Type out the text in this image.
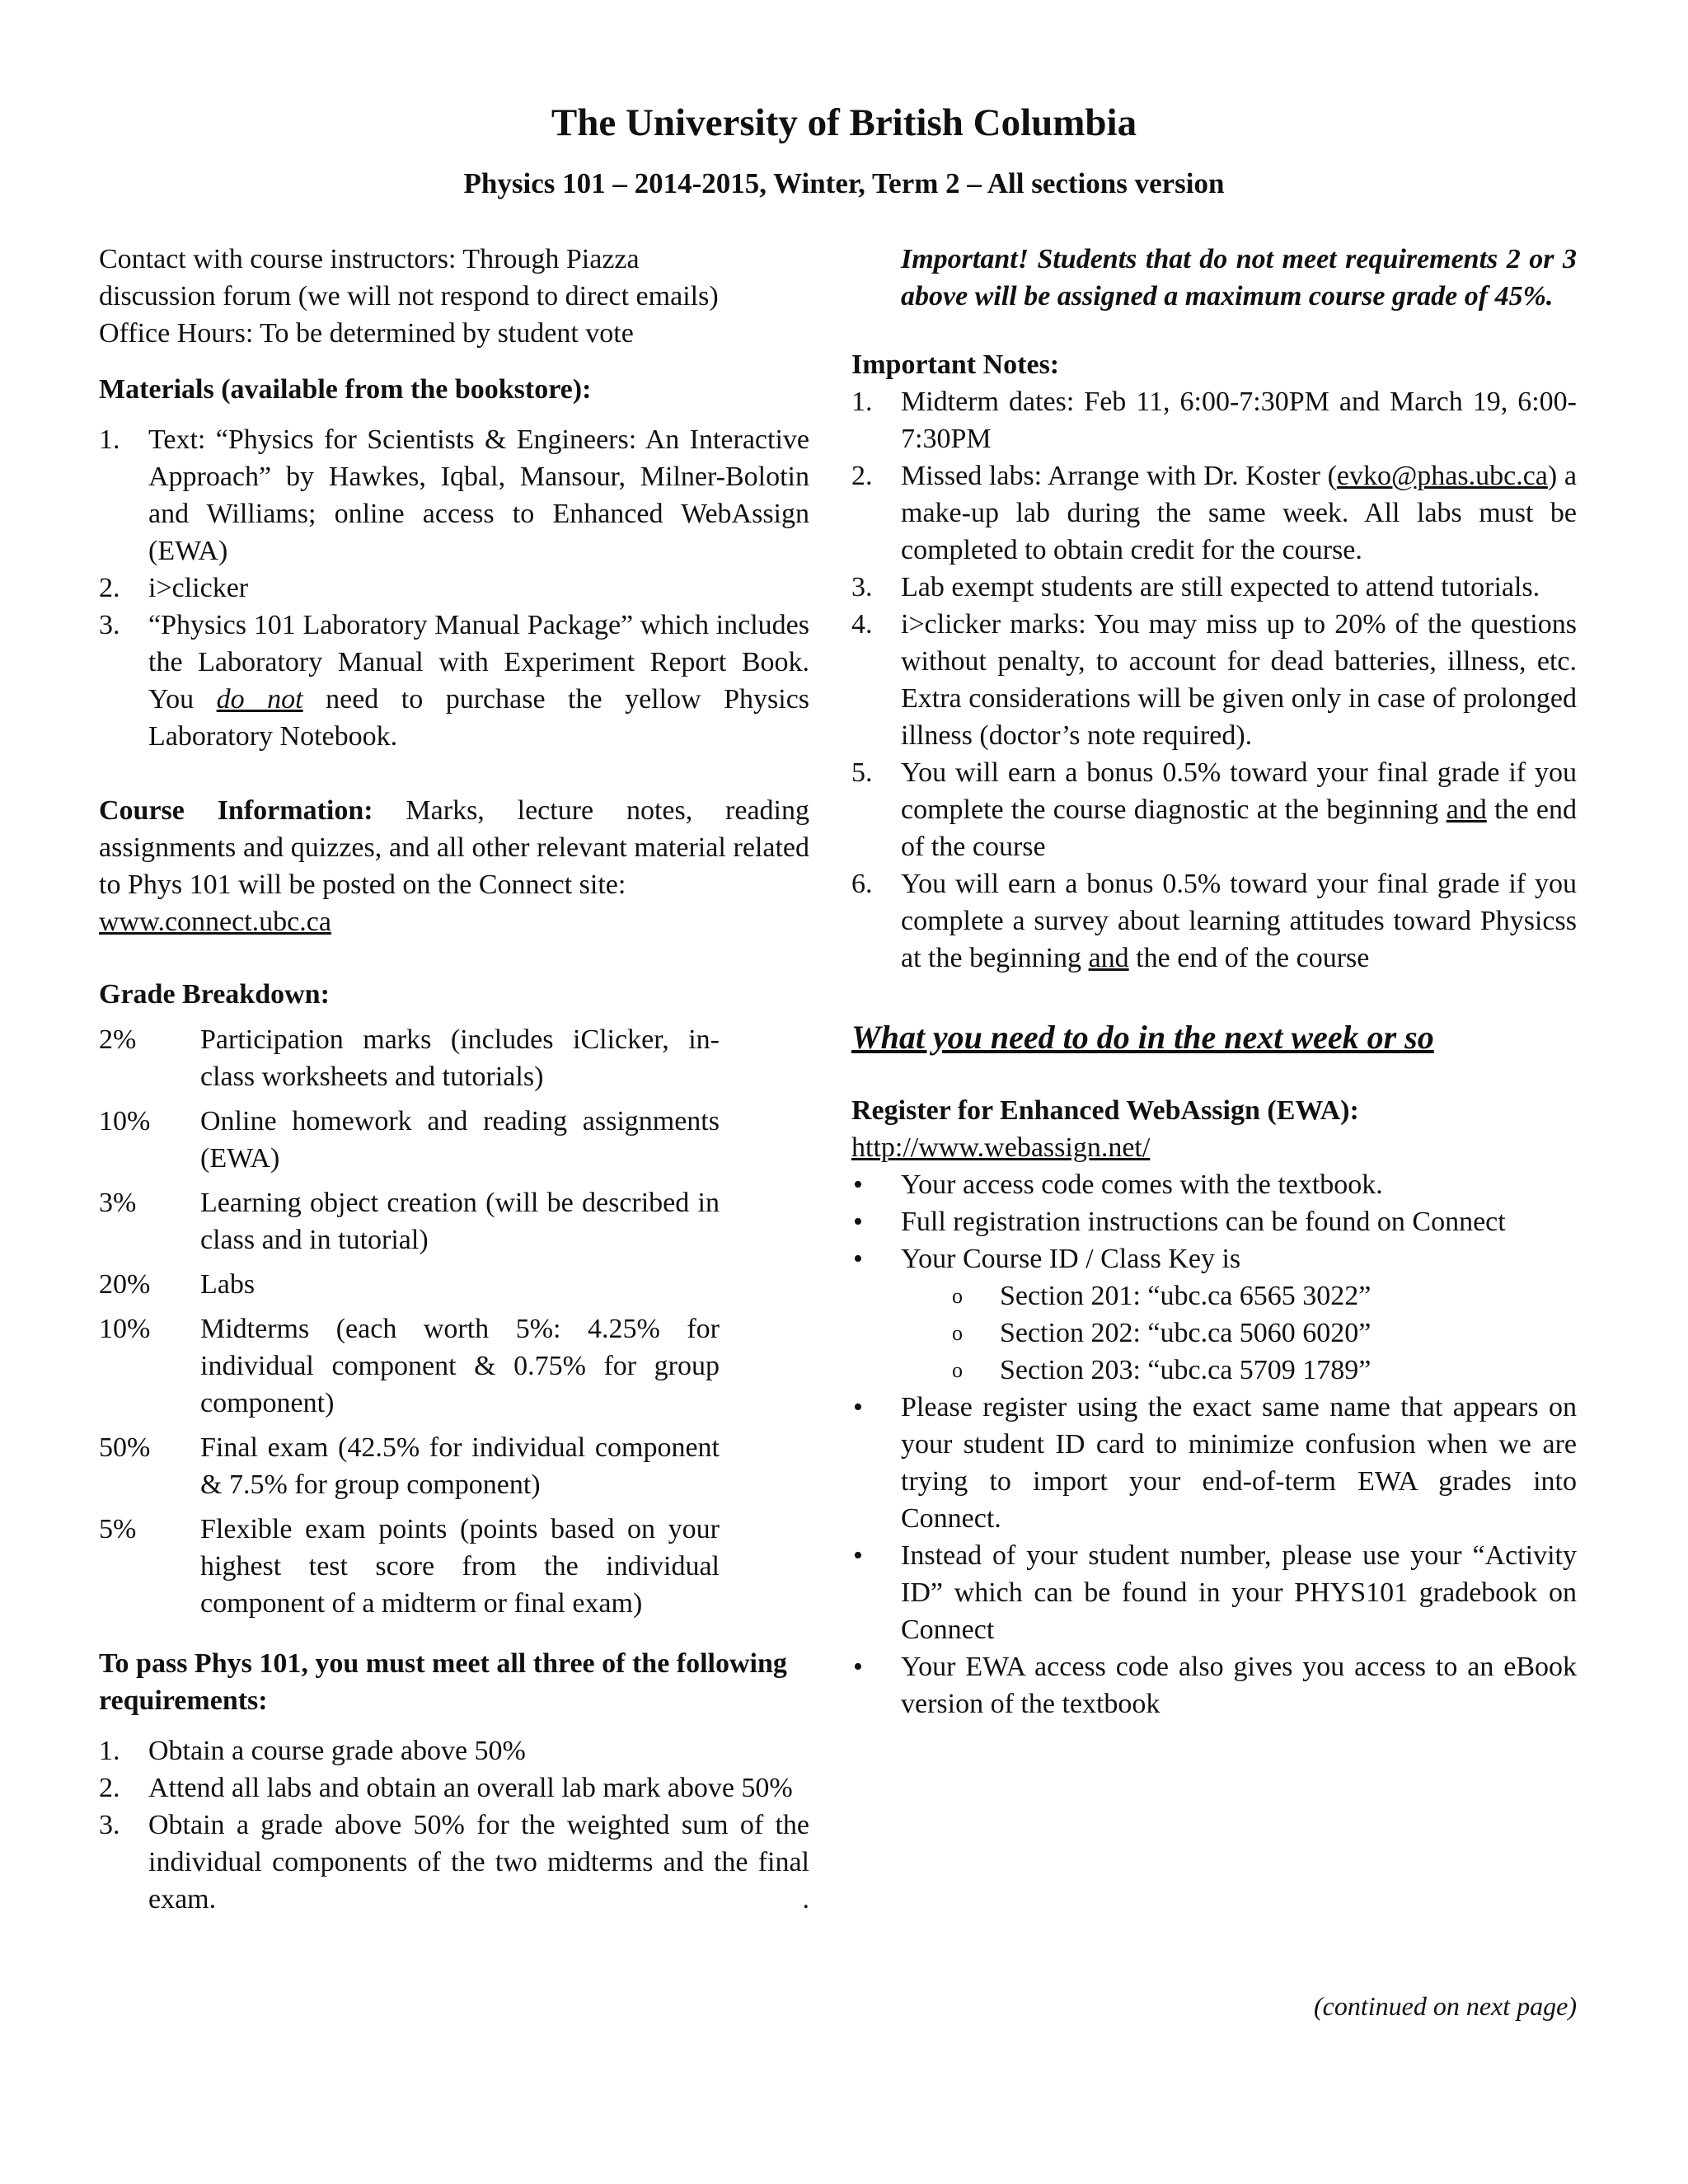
The University of British Columbia
Physics 101 – 2014-2015, Winter, Term 2 – All sections version
Contact with course instructors: Through Piazza
discussion forum (we will not respond to direct emails)
Office Hours: To be determined by student vote
Materials (available from the bookstore):
1. Text: “Physics for Scientists & Engineers: An Interactive Approach” by Hawkes, Iqbal, Mansour, Milner-Bolotin and Williams; online access to Enhanced WebAssign (EWA)
2. i>clicker
3. “Physics 101 Laboratory Manual Package” which includes the Laboratory Manual with Experiment Report Book. You do not need to purchase the yellow Physics Laboratory Notebook.
Course Information: Marks, lecture notes, reading assignments and quizzes, and all other relevant material related to Phys 101 will be posted on the Connect site:
www.connect.ubc.ca
Grade Breakdown:
2%	Participation marks (includes iClicker, in-class worksheets and tutorials)
10%	Online homework and reading assignments (EWA)
3%	Learning object creation (will be described in class and in tutorial)
20%	Labs
10%	Midterms (each worth 5%: 4.25% for individual component & 0.75% for group component)
50%	Final exam (42.5% for individual component & 7.5% for group component)
5%	Flexible exam points (points based on your highest test score from the individual component of a midterm or final exam)
To pass Phys 101, you must meet all three of the following requirements:
1. Obtain a course grade above 50%
2. Attend all labs and obtain an overall lab mark above 50%
3. Obtain a grade above 50% for the weighted sum of the individual components of the two midterms and the final exam.	.
Important! Students that do not meet requirements 2 or 3 above will be assigned a maximum course grade of 45%.
Important Notes:
1. Midterm dates: Feb 11, 6:00-7:30PM and March 19, 6:00-7:30PM
2. Missed labs: Arrange with Dr. Koster (evko@phas.ubc.ca) a make-up lab during the same week. All labs must be completed to obtain credit for the course.
3. Lab exempt students are still expected to attend tutorials.
4. i>clicker marks: You may miss up to 20% of the questions without penalty, to account for dead batteries, illness, etc. Extra considerations will be given only in case of prolonged illness (doctor’s note required).
5. You will earn a bonus 0.5% toward your final grade if you complete the course diagnostic at the beginning and the end of the course
6. You will earn a bonus 0.5% toward your final grade if you complete a survey about learning attitudes toward Physicss at the beginning and the end of the course
What you need to do in the next week or so
Register for Enhanced WebAssign (EWA):
http://www.webassign.net/
• Your access code comes with the textbook.
• Full registration instructions can be found on Connect
• Your Course ID / Class Key is
o Section 201: “ubc.ca 6565 3022”
o Section 202: “ubc.ca 5060 6020”
o Section 203: “ubc.ca 5709 1789”
• Please register using the exact same name that appears on your student ID card to minimize confusion when we are trying to import your end-of-term EWA grades into Connect.
• Instead of your student number, please use your “Activity ID” which can be found in your PHYS101 gradebook on Connect
• Your EWA access code also gives you access to an eBook version of the textbook
(continued on next page)
